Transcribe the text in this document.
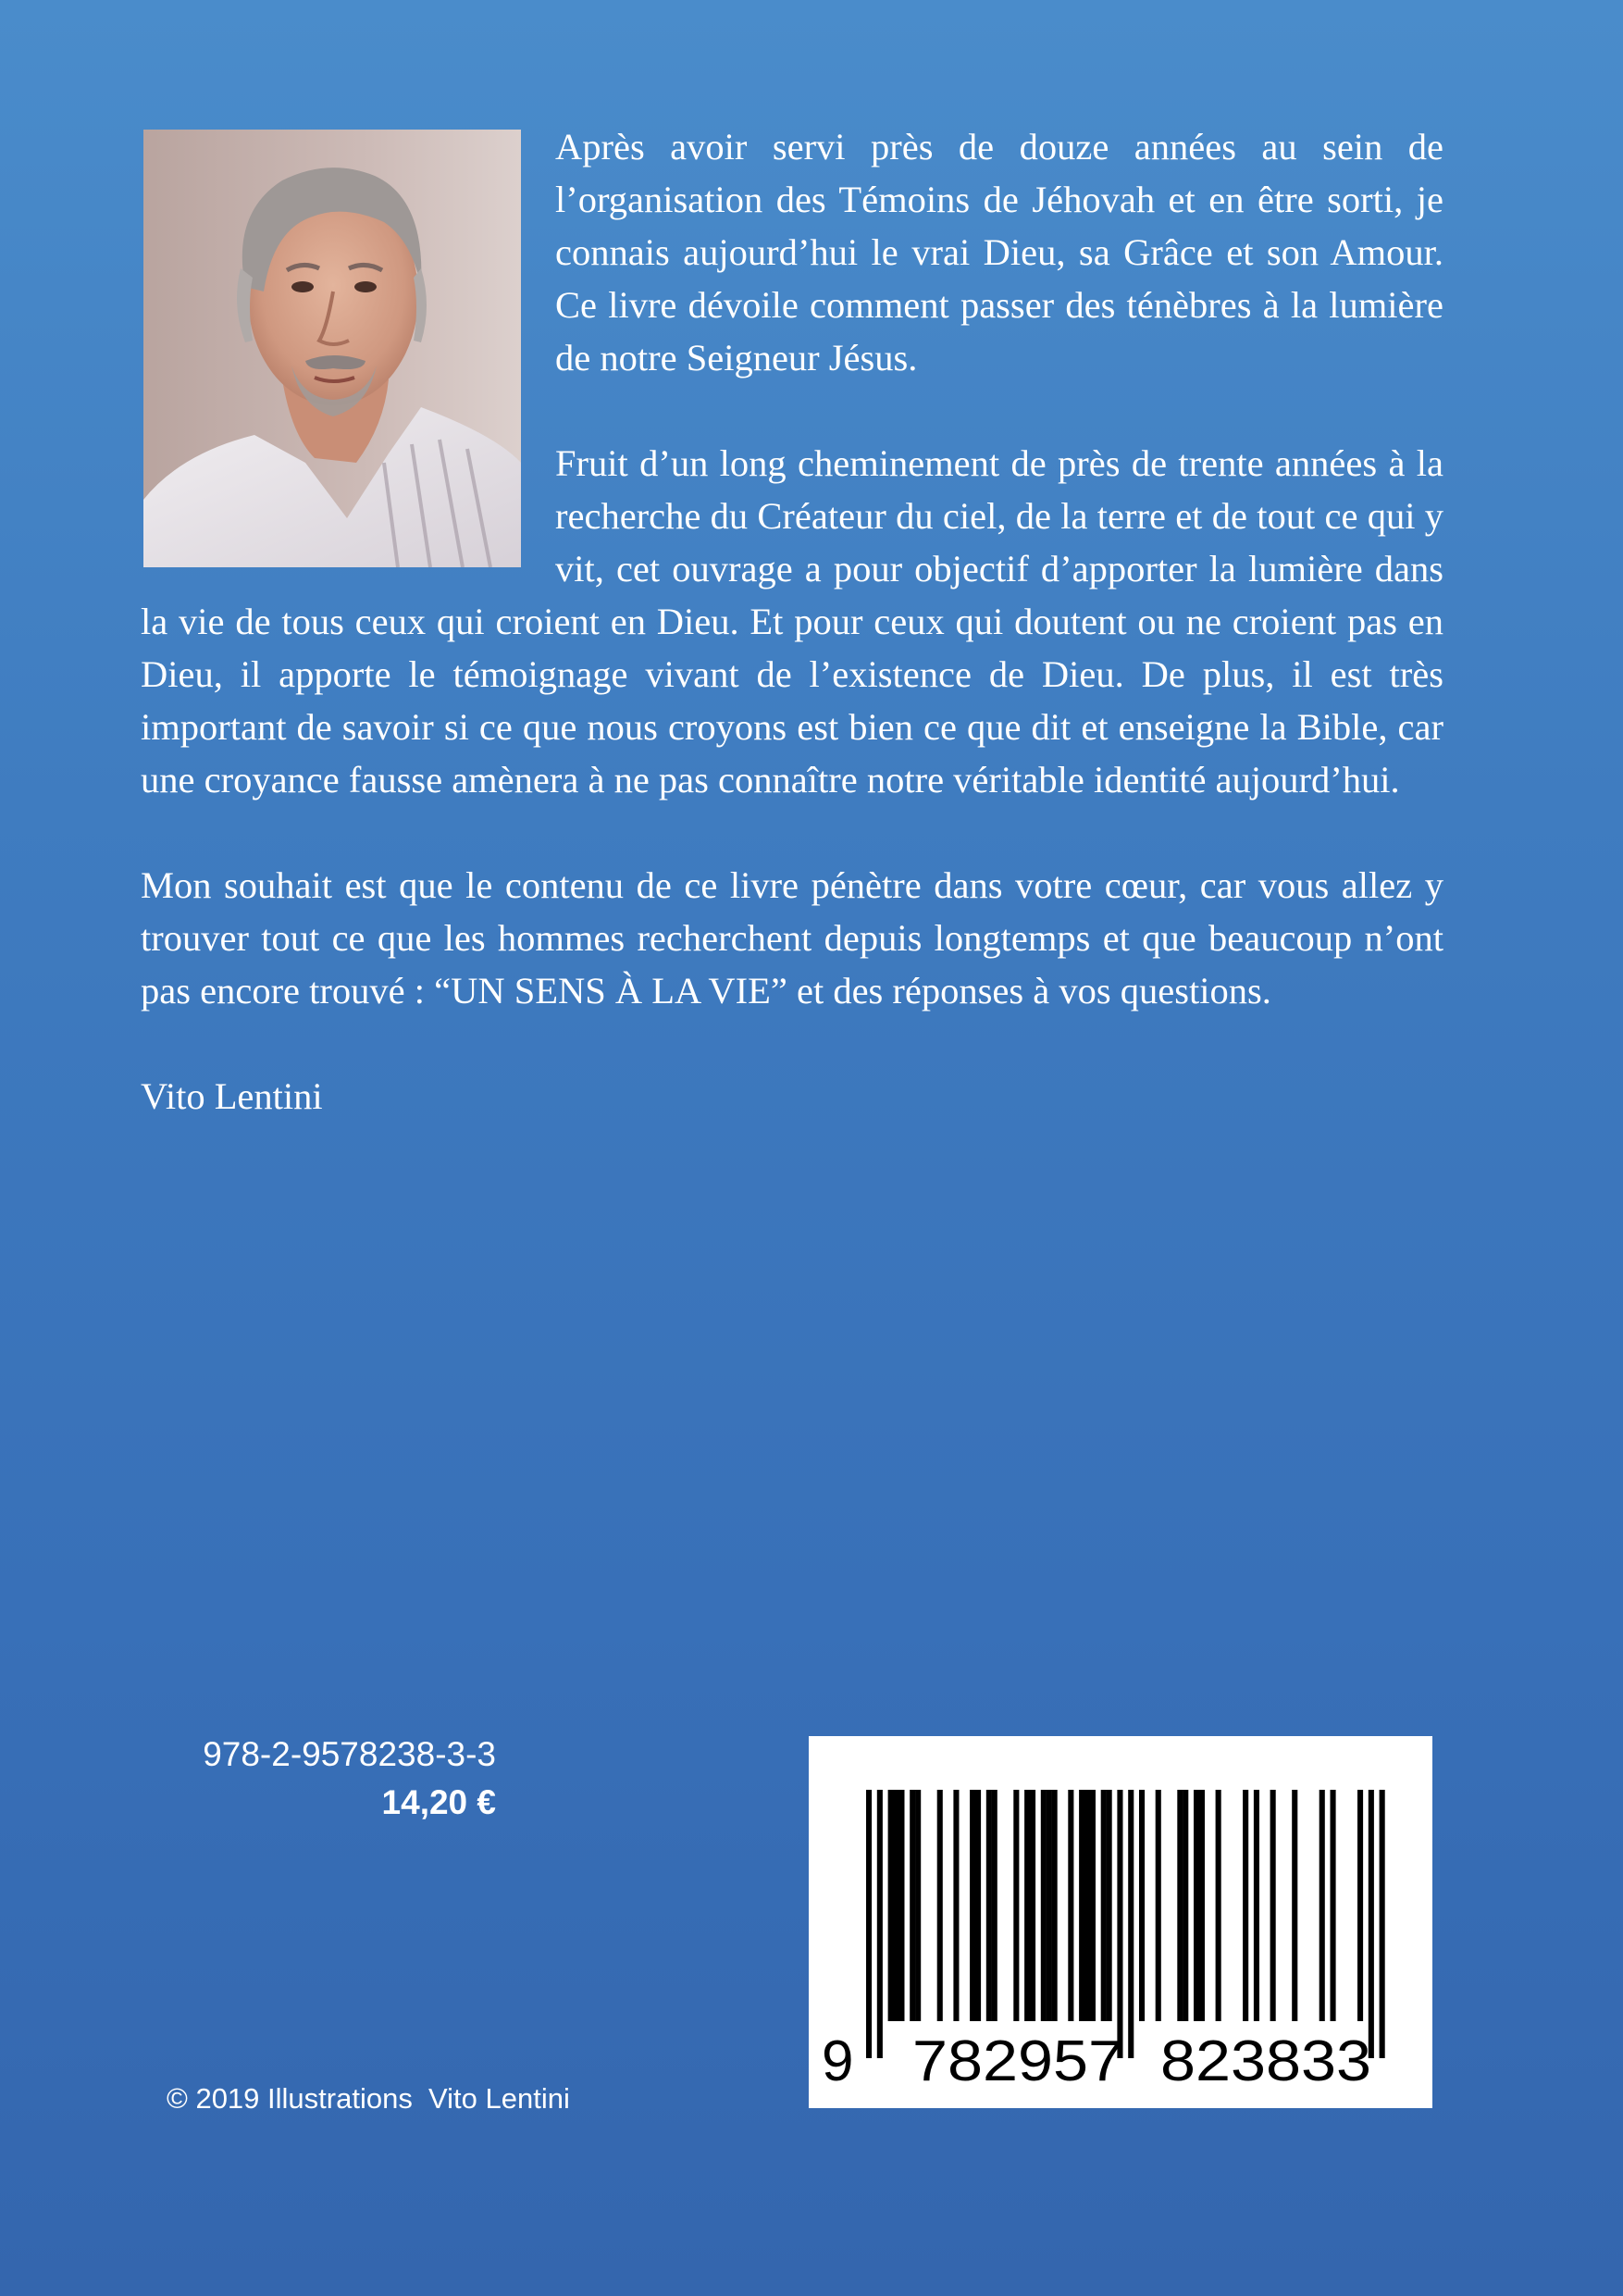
Après avoir servi près de douze années au sein de l’organisation des Témoins de Jéhovah et en être sorti, je connais aujourd’hui le vrai Dieu, sa Grâce et son Amour. Ce livre dévoile comment passer des ténèbres à la lumière de notre Seigneur Jésus.

Fruit d’un long cheminement de près de trente années à la recherche du Créateur du ciel, de la terre et de tout ce qui y vit, cet ouvrage a pour objectif d’apporter la lumière dans la vie de tous ceux qui croient en Dieu. Et pour ceux qui doutent ou ne croient pas en Dieu, il apporte le témoignage vivant de l’existence de Dieu. De plus, il est très important de savoir si ce que nous croyons est bien ce que dit et enseigne la Bible, car une croyance fausse amènera à ne pas connaître notre véritable identité aujourd’hui.

Mon souhait est que le contenu de ce livre pénètre dans votre cœur, car vous allez y trouver tout ce que les hommes recherchent depuis longtemps et que beaucoup n’ont pas encore trouvé : “UN SENS À LA VIE” et des réponses à vos questions.

Vito Lentini

978-2-9578238-3-3
14,20 €
9 782957 823833
© 2019 Illustrations  Vito Lentini
